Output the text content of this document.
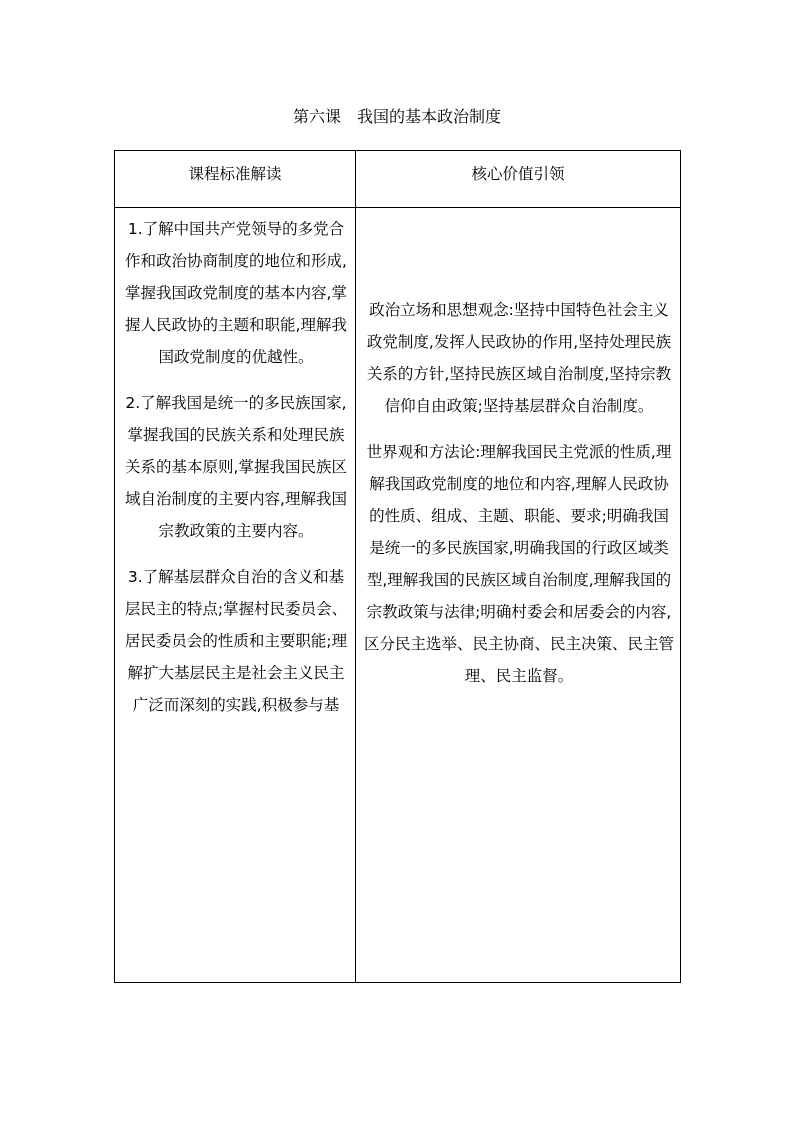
第六课　我国的基本政治制度
课程标准解读	核心价值引领

1.了解中国共产党领导的多党合作和政治协商制度的地位和形成,掌握我国政党制度的基本内容,掌握人民政协的主题和职能,理解我国政党制度的优越性。

2.了解我国是统一的多民族国家,掌握我国的民族关系和处理民族关系的基本原则,掌握我国民族区域自治制度的主要内容,理解我国宗教政策的主要内容。

3.了解基层群众自治的含义和基层民主的特点;掌握村民委员会、居民委员会的性质和主要职能;理解扩大基层民主是社会主义民主广泛而深刻的实践,积极参与基

政治立场和思想观念:坚持中国特色社会主义政党制度,发挥人民政协的作用,坚持处理民族关系的方针,坚持民族区域自治制度,坚持宗教信仰自由政策;坚持基层群众自治制度。

世界观和方法论:理解我国民主党派的性质,理解我国政党制度的地位和内容,理解人民政协的性质、组成、主题、职能、要求;明确我国是统一的多民族国家,明确我国的行政区域类型,理解我国的民族区域自治制度,理解我国的宗教政策与法律;明确村委会和居委会的内容,区分民主选举、民主协商、民主决策、民主管理、民主监督。
